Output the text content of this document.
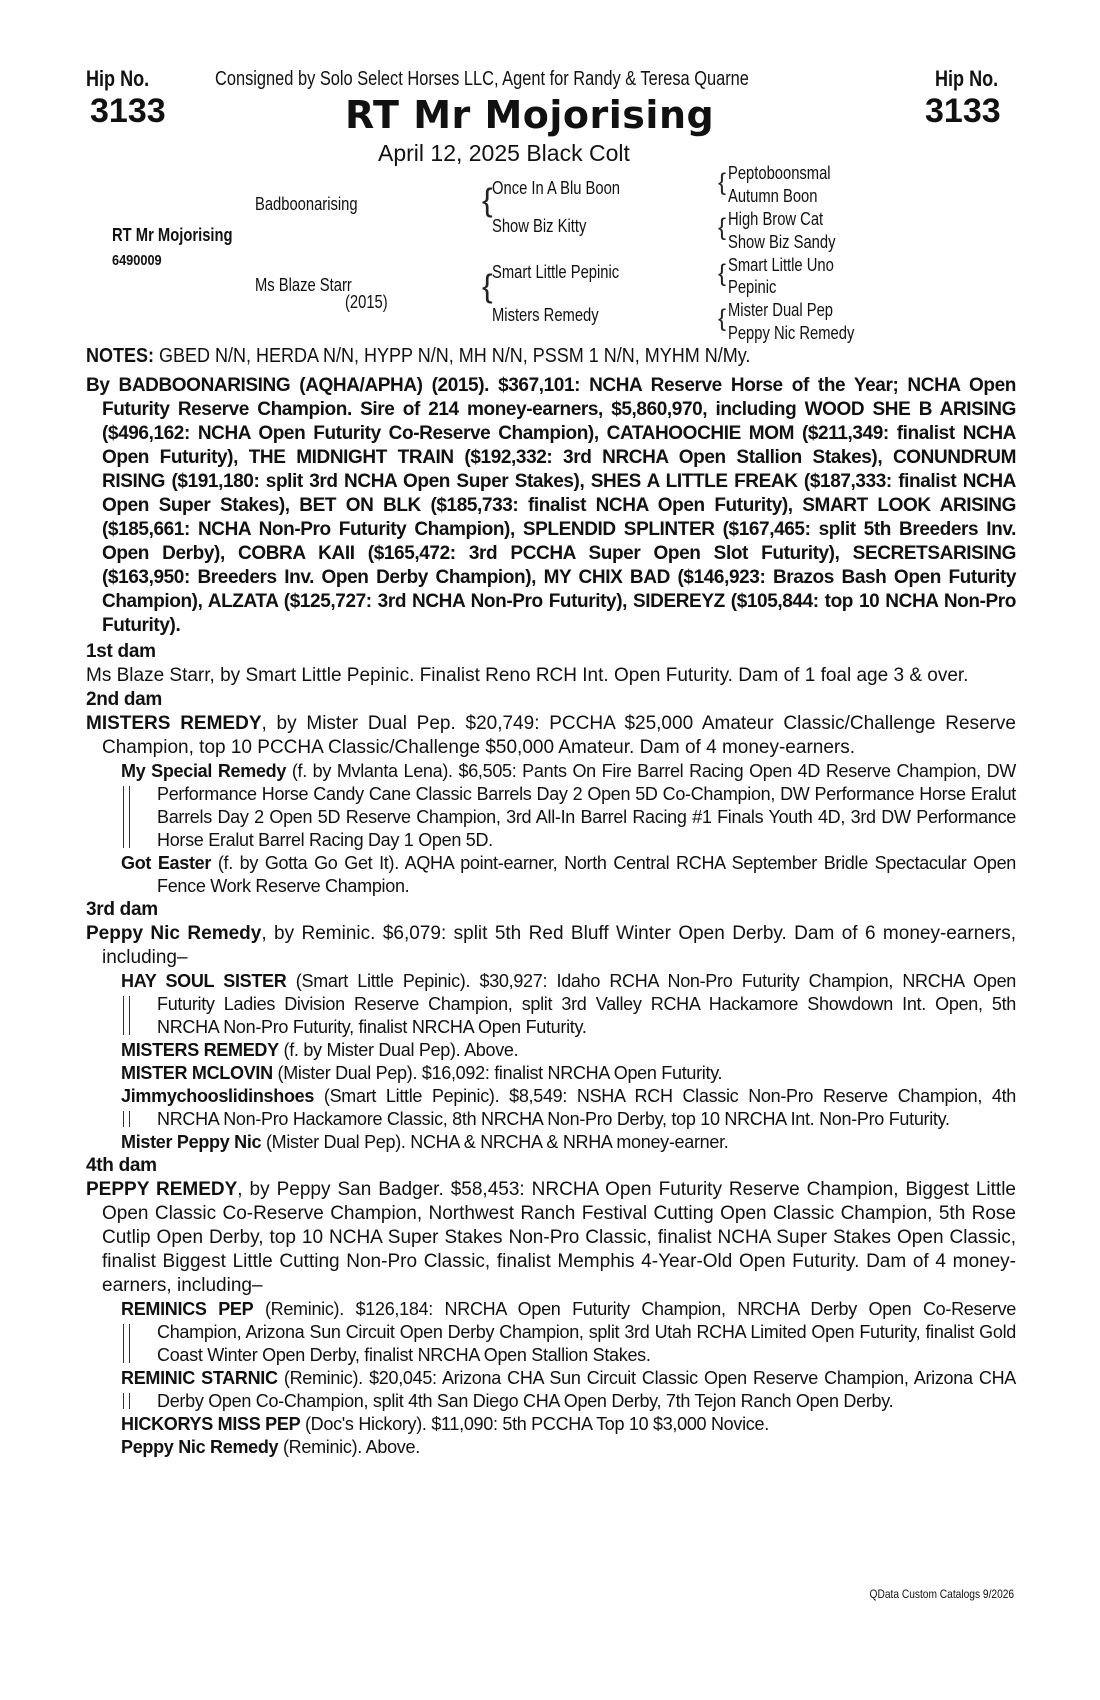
Hip No.
3133
Consigned by Solo Select Horses LLC, Agent for Randy & Teresa Quarne	Hip No.
3133
RT Mr Mojorising
April 12, 2025 Black Colt
RT Mr Mojorising
6490009
Badboonarising
Ms Blaze Starr
(2015)
{ Once In A Blu Boon
Show Biz Kitty
{ Smart Little Pepinic
Misters Remedy
{ Peptoboonsmal
Autumn Boon
{ High Brow Cat
Show Biz Sandy
{ Smart Little Uno
Pepinic
{ Mister Dual Pep
Peppy Nic Remedy
NOTES: GBED N/N, HERDA N/N, HYPP N/N, MH N/N, PSSM 1 N/N, MYHM N/My.
By BADBOONARISING (AQHA/APHA) (2015). $367,101: NCHA Reserve Horse of the Year; NCHA Open Futurity Reserve Champion. Sire of 214 money-earners, $5,860,970, including WOOD SHE B ARISING ($496,162: NCHA Open Futurity Co-Reserve Champion), CATAHOOCHIE MOM ($211,349: finalist NCHA Open Futurity), THE MIDNIGHT TRAIN ($192,332: 3rd NRCHA Open Stallion Stakes), CONUNDRUM RISING ($191,180: split 3rd NCHA Open Super Stakes), SHES A LITTLE FREAK ($187,333: finalist NCHA Open Super Stakes), BET ON BLK ($185,733: finalist NCHA Open Futurity), SMART LOOK ARISING ($185,661: NCHA Non-Pro Futurity Champion), SPLENDID SPLINTER ($167,465: split 5th Breeders Inv. Open Derby), COBRA KAII ($165,472: 3rd PCCHA Super Open Slot Futurity), SECRETSARISING ($163,950: Breeders Inv. Open Derby Champion), MY CHIX BAD ($146,923: Brazos Bash Open Futurity Champion), ALZATA ($125,727: 3rd NCHA Non-Pro Futurity), SIDEREYZ ($105,844: top 10 NCHA Non-Pro Futurity).
1st dam
Ms Blaze Starr, by Smart Little Pepinic. Finalist Reno RCH Int. Open Futurity. Dam of 1 foal age 3 & over.
2nd dam
MISTERS REMEDY, by Mister Dual Pep. $20,749: PCCHA $25,000 Amateur Classic/Challenge Reserve Champion, top 10 PCCHA Classic/Challenge $50,000 Amateur. Dam of 4 money-earners.
My Special Remedy (f. by Mvlanta Lena). $6,505: Pants On Fire Barrel Racing Open 4D Reserve Champion, DW Performance Horse Candy Cane Classic Barrels Day 2 Open 5D Co-Champion, DW Performance Horse Eralut Barrels Day 2 Open 5D Reserve Champion, 3rd All-In Barrel Racing #1 Finals Youth 4D, 3rd DW Performance Horse Eralut Barrel Racing Day 1 Open 5D.
Got Easter (f. by Gotta Go Get It). AQHA point-earner, North Central RCHA September Bridle Spectacular Open Fence Work Reserve Champion.
3rd dam
Peppy Nic Remedy, by Reminic. $6,079: split 5th Red Bluff Winter Open Derby. Dam of 6 money-earners, including–
HAY SOUL SISTER (Smart Little Pepinic). $30,927: Idaho RCHA Non-Pro Futurity Champion, NRCHA Open Futurity Ladies Division Reserve Champion, split 3rd Valley RCHA Hackamore Showdown Int. Open, 5th NRCHA Non-Pro Futurity, finalist NRCHA Open Futurity.
MISTERS REMEDY (f. by Mister Dual Pep). Above.
MISTER MCLOVIN (Mister Dual Pep). $16,092: finalist NRCHA Open Futurity.
Jimmychooslidinshoes (Smart Little Pepinic). $8,549: NSHA RCH Classic Non-Pro Reserve Champion, 4th NRCHA Non-Pro Hackamore Classic, 8th NRCHA Non-Pro Derby, top 10 NRCHA Int. Non-Pro Futurity.
Mister Peppy Nic (Mister Dual Pep). NCHA & NRCHA & NRHA money-earner.
4th dam
PEPPY REMEDY, by Peppy San Badger. $58,453: NRCHA Open Futurity Reserve Champion, Biggest Little Open Classic Co-Reserve Champion, Northwest Ranch Festival Cutting Open Classic Champion, 5th Rose Cutlip Open Derby, top 10 NCHA Super Stakes Non-Pro Classic, finalist NCHA Super Stakes Open Classic, finalist Biggest Little Cutting Non-Pro Classic, finalist Memphis 4-Year-Old Open Futurity. Dam of 4 money-earners, including–
REMINICS PEP (Reminic). $126,184: NRCHA Open Futurity Champion, NRCHA Derby Open Co-Reserve Champion, Arizona Sun Circuit Open Derby Champion, split 3rd Utah RCHA Limited Open Futurity, finalist Gold Coast Winter Open Derby, finalist NRCHA Open Stallion Stakes.
REMINIC STARNIC (Reminic). $20,045: Arizona CHA Sun Circuit Classic Open Reserve Champion, Arizona CHA Derby Open Co-Champion, split 4th San Diego CHA Open Derby, 7th Tejon Ranch Open Derby.
HICKORYS MISS PEP (Doc's Hickory). $11,090: 5th PCCHA Top 10 $3,000 Novice.
Peppy Nic Remedy (Reminic). Above.
QData Custom Catalogs 9/2026
